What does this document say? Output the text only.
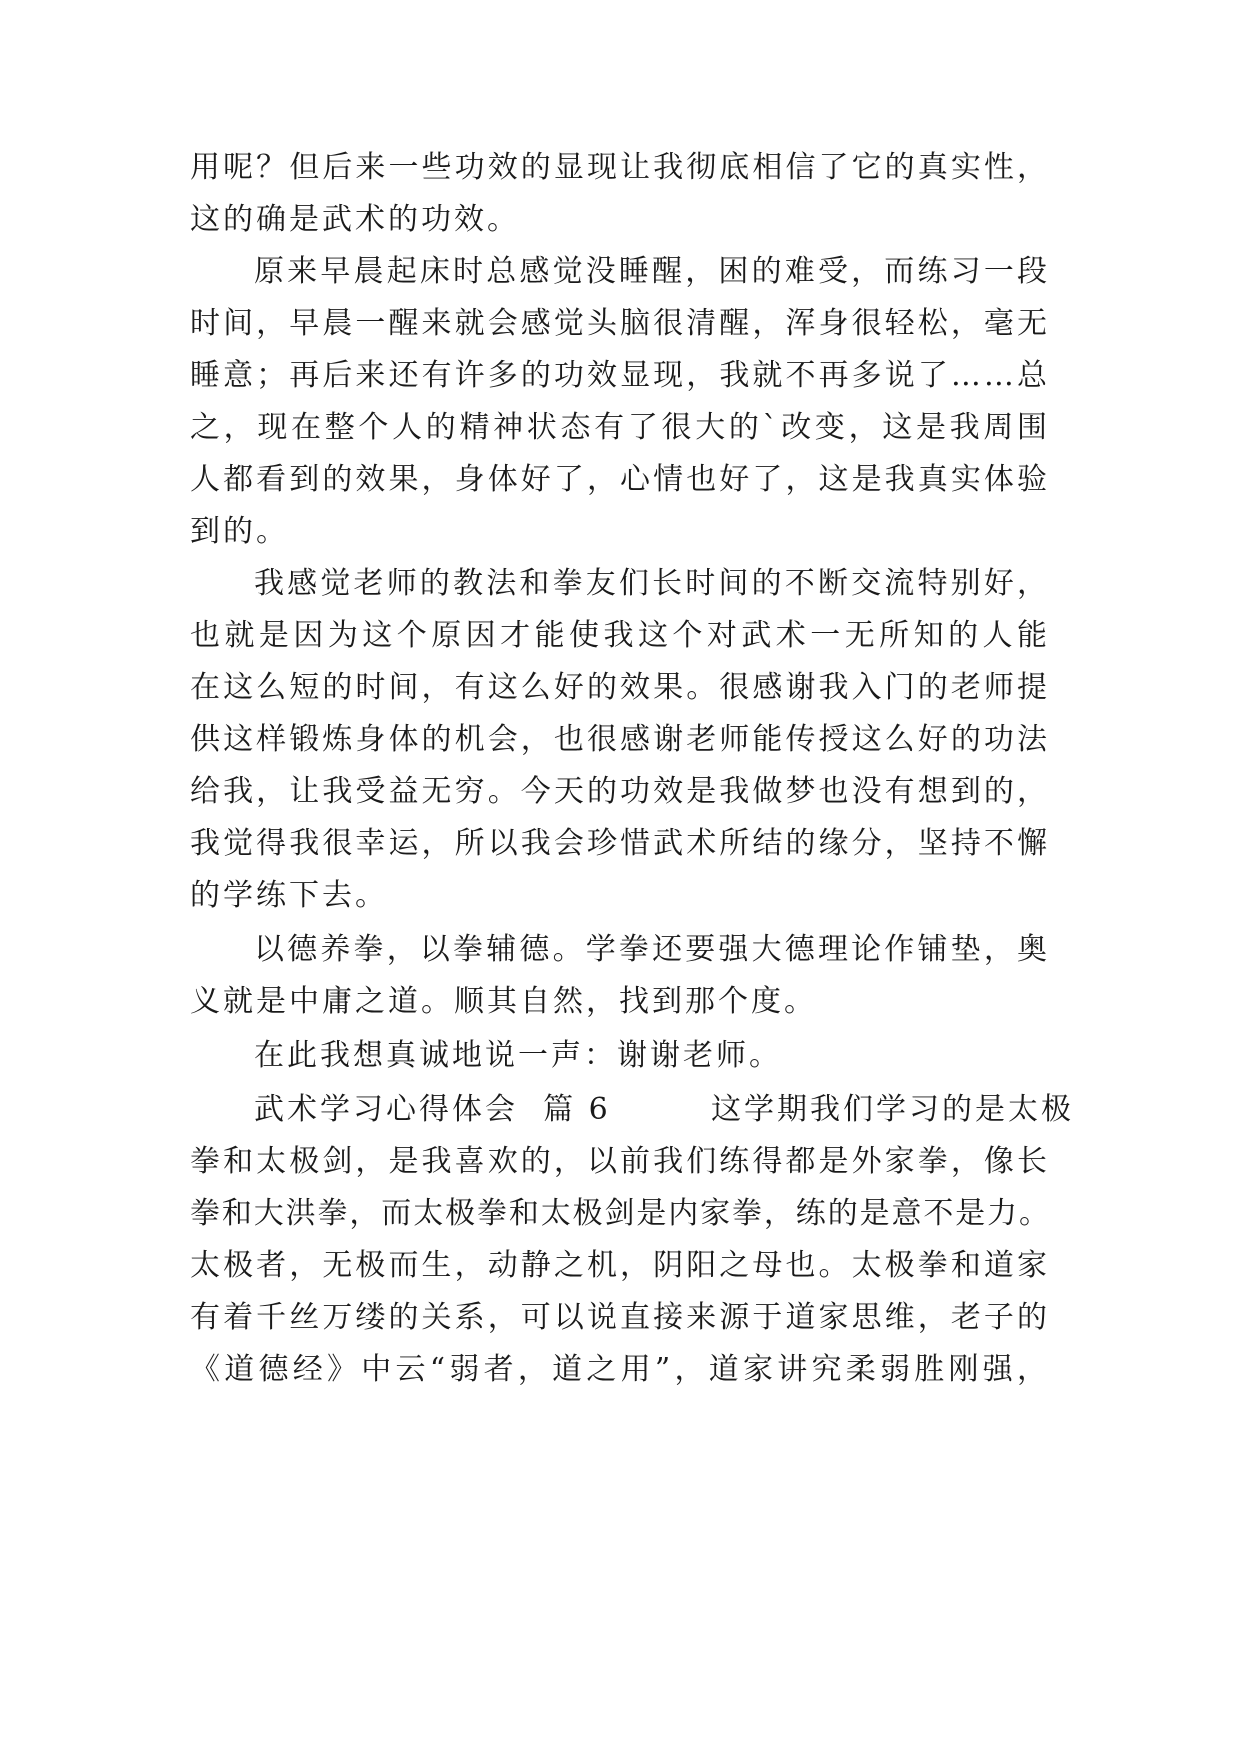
用呢？但后来一些功效的显现让我彻底相信了它的真实性，
这的确是武术的功效。
原来早晨起床时总感觉没睡醒，困的难受，而练习一段
时间，早晨一醒来就会感觉头脑很清醒，浑身很轻松，毫无
睡意；再后来还有许多的功效显现，我就不再多说了……总
之，现在整个人的精神状态有了很大的`改变，这是我周围
人都看到的效果，身体好了，心情也好了，这是我真实体验
到的。
我感觉老师的教法和拳友们长时间的不断交流特别好，
也就是因为这个原因才能使我这个对武术一无所知的人能
在这么短的时间，有这么好的效果。很感谢我入门的老师提
供这样锻炼身体的机会，也很感谢老师能传授这么好的功法
给我，让我受益无穷。今天的功效是我做梦也没有想到的，
我觉得我很幸运，所以我会珍惜武术所结的缘分，坚持不懈
的学练下去。
以德养拳，以拳辅德。学拳还要强大德理论作铺垫，奥
义就是中庸之道。顺其自然，找到那个度。
在此我想真诚地说一声：谢谢老师。
武术学习心得体会  篇 6        这学期我们学习的是太极
拳和太极剑，是我喜欢的，以前我们练得都是外家拳，像长
拳和大洪拳，而太极拳和太极剑是内家拳，练的是意不是力。
太极者，无极而生，动静之机，阴阳之母也。太极拳和道家
有着千丝万缕的关系，可以说直接来源于道家思维，老子的
《道德经》中云“弱者，道之用”，道家讲究柔弱胜刚强，
